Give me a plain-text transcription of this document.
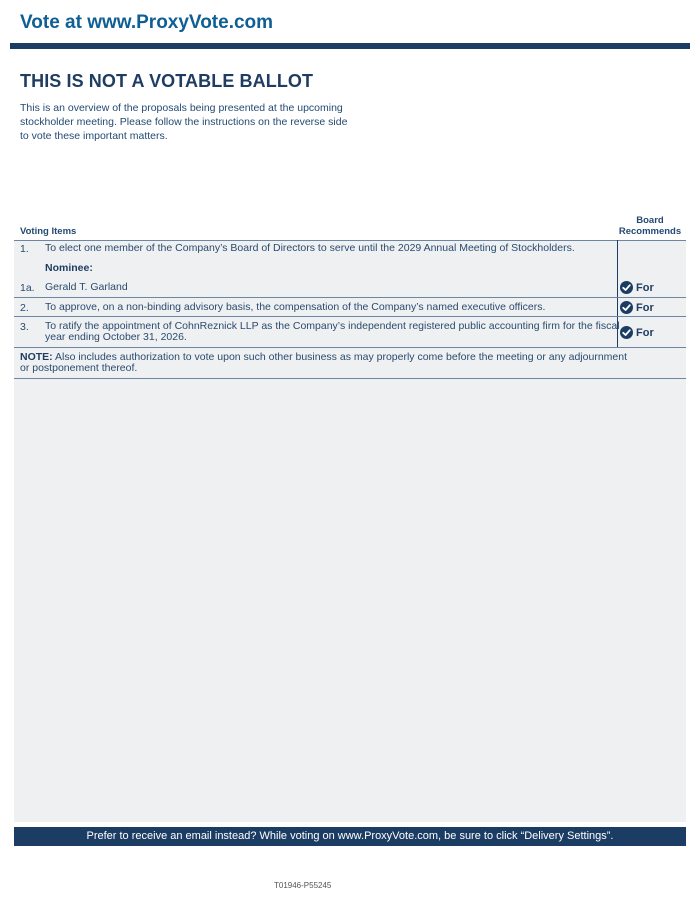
Vote at www.ProxyVote.com
THIS IS NOT A VOTABLE BALLOT
This is an overview of the proposals being presented at the upcoming stockholder meeting. Please follow the instructions on the reverse side to vote these important matters.
Voting Items
Board
Recommends
1. To elect one member of the Company’s Board of Directors to serve until the 2029 Annual Meeting of Stockholders.
Nominee:
1a. Gerald T. Garland	For
2. To approve, on a non-binding advisory basis, the compensation of the Company’s named executive officers.	For
3. To ratify the appointment of CohnReznick LLP as the Company’s independent registered public accounting firm for the fiscal year ending October 31, 2026.	For
NOTE: Also includes authorization to vote upon such other business as may properly come before the meeting or any adjournment or postponement thereof.
Prefer to receive an email instead? While voting on www.ProxyVote.com, be sure to click “Delivery Settings”.
T01946-P55245
